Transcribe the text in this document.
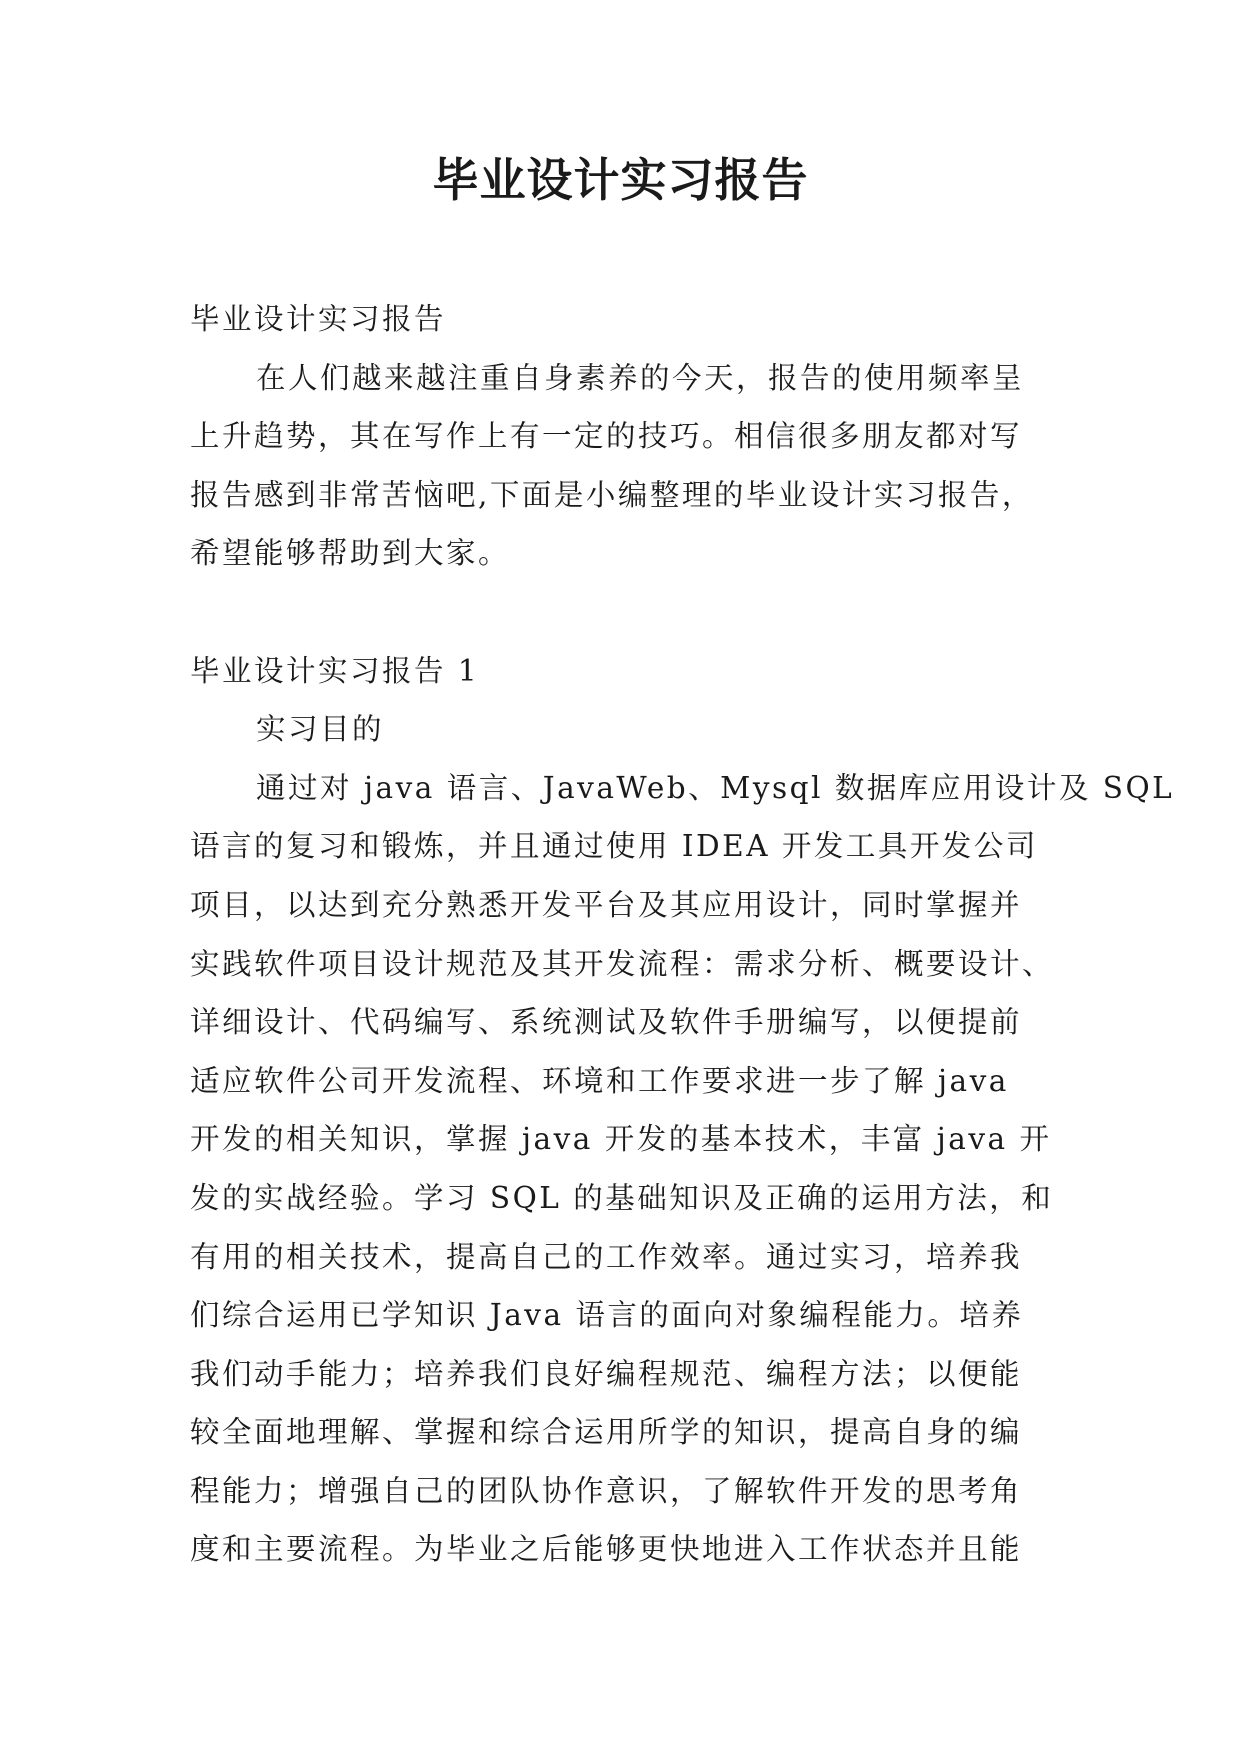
毕业设计实习报告
毕业设计实习报告
在人们越来越注重自身素养的今天，报告的使用频率呈
上升趋势，其在写作上有一定的技巧。相信很多朋友都对写
报告感到非常苦恼吧,下面是小编整理的毕业设计实习报告，
希望能够帮助到大家。
毕业设计实习报告 1
实习目的
通过对 java 语言、JavaWeb、Mysql 数据库应用设计及 SQL
语言的复习和锻炼，并且通过使用 IDEA 开发工具开发公司
项目，以达到充分熟悉开发平台及其应用设计，同时掌握并
实践软件项目设计规范及其开发流程：需求分析、概要设计、
详细设计、代码编写、系统测试及软件手册编写，以便提前
适应软件公司开发流程、环境和工作要求进一步了解 java
开发的相关知识，掌握 java 开发的基本技术，丰富 java 开
发的实战经验。学习 SQL 的基础知识及正确的运用方法，和
有用的相关技术，提高自己的工作效率。通过实习，培养我
们综合运用已学知识 Java 语言的面向对象编程能力。培养
我们动手能力；培养我们良好编程规范、编程方法；以便能
较全面地理解、掌握和综合运用所学的知识，提高自身的编
程能力；增强自己的团队协作意识，了解软件开发的思考角
度和主要流程。为毕业之后能够更快地进入工作状态并且能
